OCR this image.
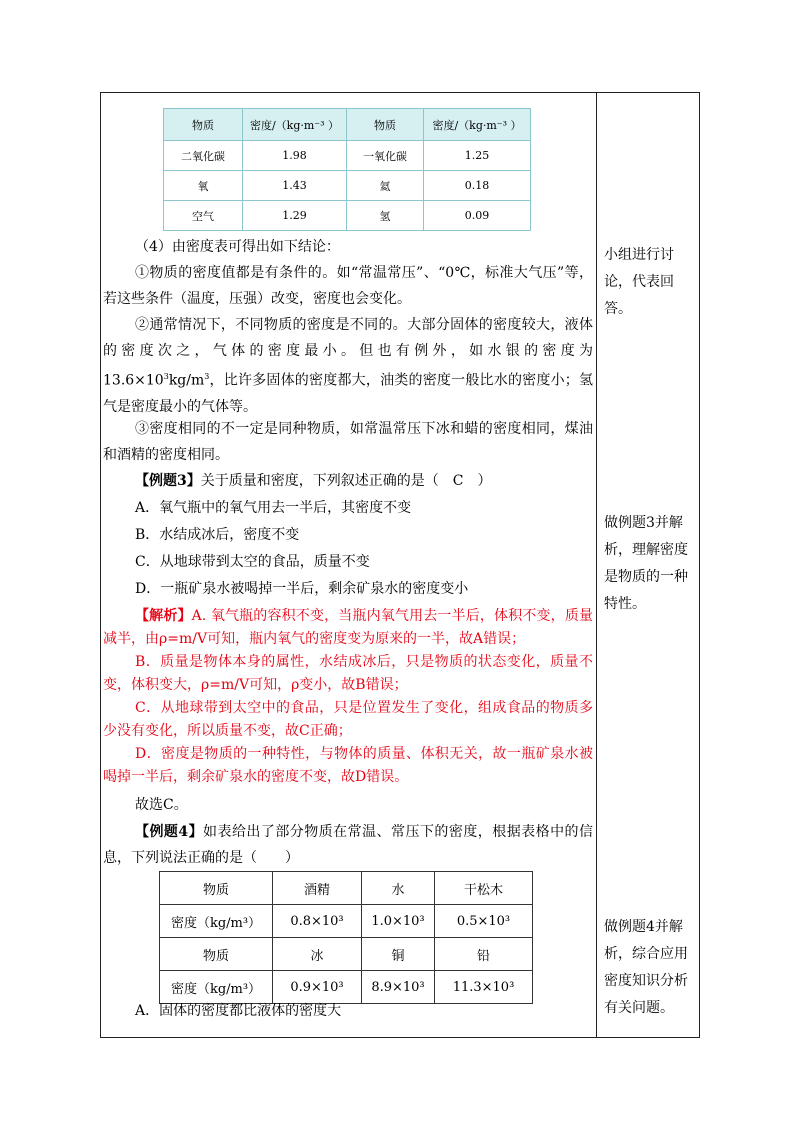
物质	密度/（kg·m⁻³ ）	物质	密度/（kg·m⁻³ ）
二氧化碳	1.98	一氧化碳	1.25
氧	1.43	氦	0.18
空气	1.29	氢	0.09

（4）由密度表可得出如下结论：

①物质的密度值都是有条件的。如“常温常压”、“0℃，标准大气压”等，若这些条件（温度，压强）改变，密度也会变化。

②通常情况下，不同物质的密度是不同的。大部分固体的密度较大，液体的密度次之，气体的密度最小。但也有例外，如水银的密度为$13.6\times 10^3kg/m^3$，比许多固体的密度都大，油类的密度一般比水的密度小；氢气是密度最小的气体等。

③密度相同的不一定是同种物质，如常温常压下冰和蜡的密度相同，煤油和酒精的密度相同。

【例题3】关于质量和密度，下列叙述正确的是（　C　）

A．氧气瓶中的氧气用去一半后，其密度不变

B．水结成冰后，密度不变

C．从地球带到太空的食品，质量不变

D．一瓶矿泉水被喝掉一半后，剩余矿泉水的密度变小

【解析】A. 氧气瓶的容积不变，当瓶内氧气用去一半后，体积不变，质量减半，由ρ=m/V可知，瓶内氧气的密度变为原来的一半，故A错误；

B．质量是物体本身的属性，水结成冰后，只是物质的状态变化，质量不变，体积变大，ρ=m/V可知，ρ变小，故B错误；

C．从地球带到太空中的食品，只是位置发生了变化，组成食品的物质多少没有变化，所以质量不变，故C正确；

D．密度是物质的一种特性，与物体的质量、体积无关，故一瓶矿泉水被喝掉一半后，剩余矿泉水的密度不变，故D错误。

故选C。

【例题4】如表给出了部分物质在常温、常压下的密度，根据表格中的信息，下列说法正确的是（　　）

物质	酒精	水	干松木
密度（kg/m³）	0.8×10³	1.0×10³	0.5×10³
物质	冰	铜	铅
密度（kg/m³）	0.9×10³	8.9×10³	11.3×10³

A．固体的密度都比液体的密度大

小组进行讨论，代表回答。
做例题3并解析，理解密度是物质的一种特性。
做例题4并解析，综合应用密度知识分析有关问题。
